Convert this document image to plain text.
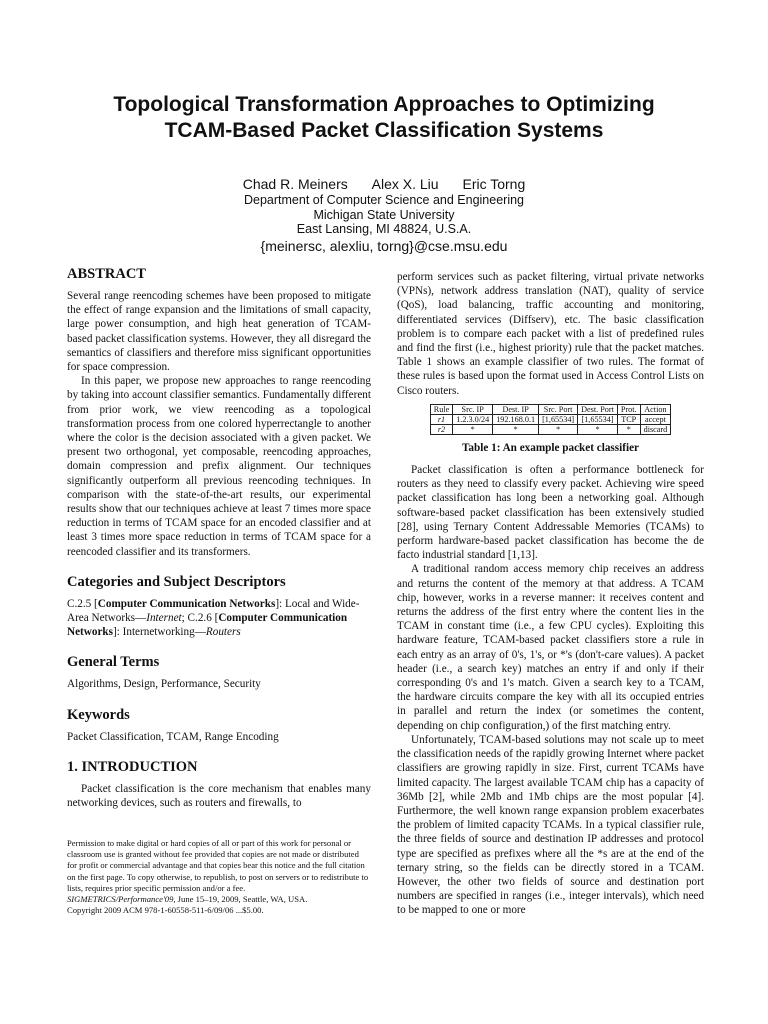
Topological Transformation Approaches to Optimizing
TCAM-Based Packet Classification Systems
Chad R. Meiners Alex X. Liu Eric Torng
Department of Computer Science and Engineering
Michigan State University
East Lansing, MI 48824, U.S.A.
{meinersc, alexliu, torng}@cse.msu.edu
ABSTRACT

Several range reencoding schemes have been proposed to mitigate the effect of range expansion and the limitations of small capacity, large power consumption, and high heat generation of TCAM-based packet classification systems. However, they all disregard the semantics of classifiers and therefore miss significant opportunities for space compression.

In this paper, we propose new approaches to range reencoding by taking into account classifier semantics. Fundamentally different from prior work, we view reencoding as a topological transformation process from one colored hyperrectangle to another where the color is the decision associated with a given packet. We present two orthogonal, yet composable, reencoding approaches, domain compression and prefix alignment. Our techniques significantly outperform all previous reencoding techniques. In comparison with the state-of-the-art results, our experimental results show that our techniques achieve at least 7 times more space reduction in terms of TCAM space for an encoded classifier and at least 3 times more space reduction in terms of TCAM space for a reencoded classifier and its transformers.

Categories and Subject Descriptors

C.2.5 [Computer Communication Networks]: Local and Wide-Area Networks—Internet; C.2.6 [Computer Communication Networks]: Internetworking—Routers

General Terms

Algorithms, Design, Performance, Security

Keywords

Packet Classification, TCAM, Range Encoding

1. INTRODUCTION

Packet classification is the core mechanism that enables many networking devices, such as routers and firewalls, to

Permission to make digital or hard copies of all or part of this work for personal or classroom use is granted without fee provided that copies are not made or distributed for profit or commercial advantage and that copies bear this notice and the full citation on the first page. To copy otherwise, to republish, to post on servers or to redistribute to lists, requires prior specific permission and/or a fee.
SIGMETRICS/Performance'09, June 15–19, 2009, Seattle, WA, USA.
Copyright 2009 ACM 978-1-60558-511-6/09/06 ...$5.00.

perform services such as packet filtering, virtual private networks (VPNs), network address translation (NAT), quality of service (QoS), load balancing, traffic accounting and monitoring, differentiated services (Diffserv), etc. The basic classification problem is to compare each packet with a list of predefined rules and find the first (i.e., highest priority) rule that the packet matches. Table 1 shows an example classifier of two rules. The format of these rules is based upon the format used in Access Control Lists on Cisco routers.

Rule	Src. IP	Dest. IP	Src. Port	Dest. Port	Prot.	Action
r1	1.2.3.0/24	192.168.0.1	[1,65534]	[1,65534]	TCP	accept
r2	*	*	*	*	*	discard
Table 1: An example packet classifier

Packet classification is often a performance bottleneck for routers as they need to classify every packet. Achieving wire speed packet classification has long been a networking goal. Although software-based packet classification has been extensively studied [28], using Ternary Content Addressable Memories (TCAMs) to perform hardware-based packet classification has become the de facto industrial standard [1,13].

A traditional random access memory chip receives an address and returns the content of the memory at that address. A TCAM chip, however, works in a reverse manner: it receives content and returns the address of the first entry where the content lies in the TCAM in constant time (i.e., a few CPU cycles). Exploiting this hardware feature, TCAM-based packet classifiers store a rule in each entry as an array of 0's, 1's, or *'s (don't-care values). A packet header (i.e., a search key) matches an entry if and only if their corresponding 0's and 1's match. Given a search key to a TCAM, the hardware circuits compare the key with all its occupied entries in parallel and return the index (or sometimes the content, depending on chip configuration,) of the first matching entry.

Unfortunately, TCAM-based solutions may not scale up to meet the classification needs of the rapidly growing Internet where packet classifiers are growing rapidly in size. First, current TCAMs have limited capacity. The largest available TCAM chip has a capacity of 36Mb [2], while 2Mb and 1Mb chips are the most popular [4]. Furthermore, the well known range expansion problem exacerbates the problem of limited capacity TCAMs. In a typical classifier rule, the three fields of source and destination IP addresses and protocol type are specified as prefixes where all the *s are at the end of the ternary string, so the fields can be directly stored in a TCAM. However, the other two fields of source and destination port numbers are specified in ranges (i.e., integer intervals), which need to be mapped to one or more
